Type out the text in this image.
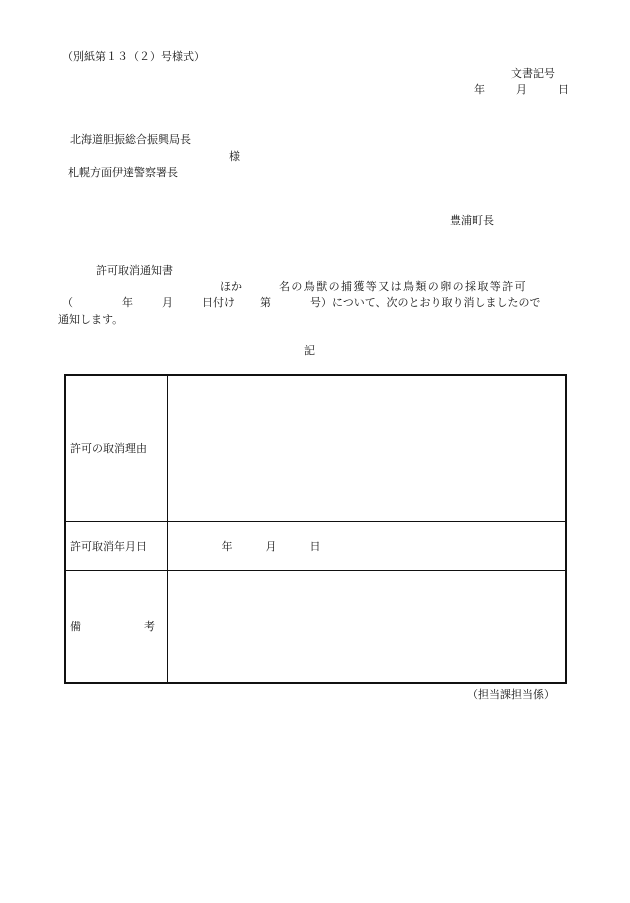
（別紙第１３（２）号様式）
文書記号
年	月	日
北海道胆振総合振興局長
様
札幌方面伊達警察署長
豊浦町長
許可取消通知書
ほか	名の鳥獣の捕獲等又は鳥類の卵の採取等許可
（	年	月	日付け 第	号）について、次のとおり取り消しましたので
通知します。
記
許可の取消理由	
許可取消年月日	年 月 日

備 考	

（担当課担当係）
